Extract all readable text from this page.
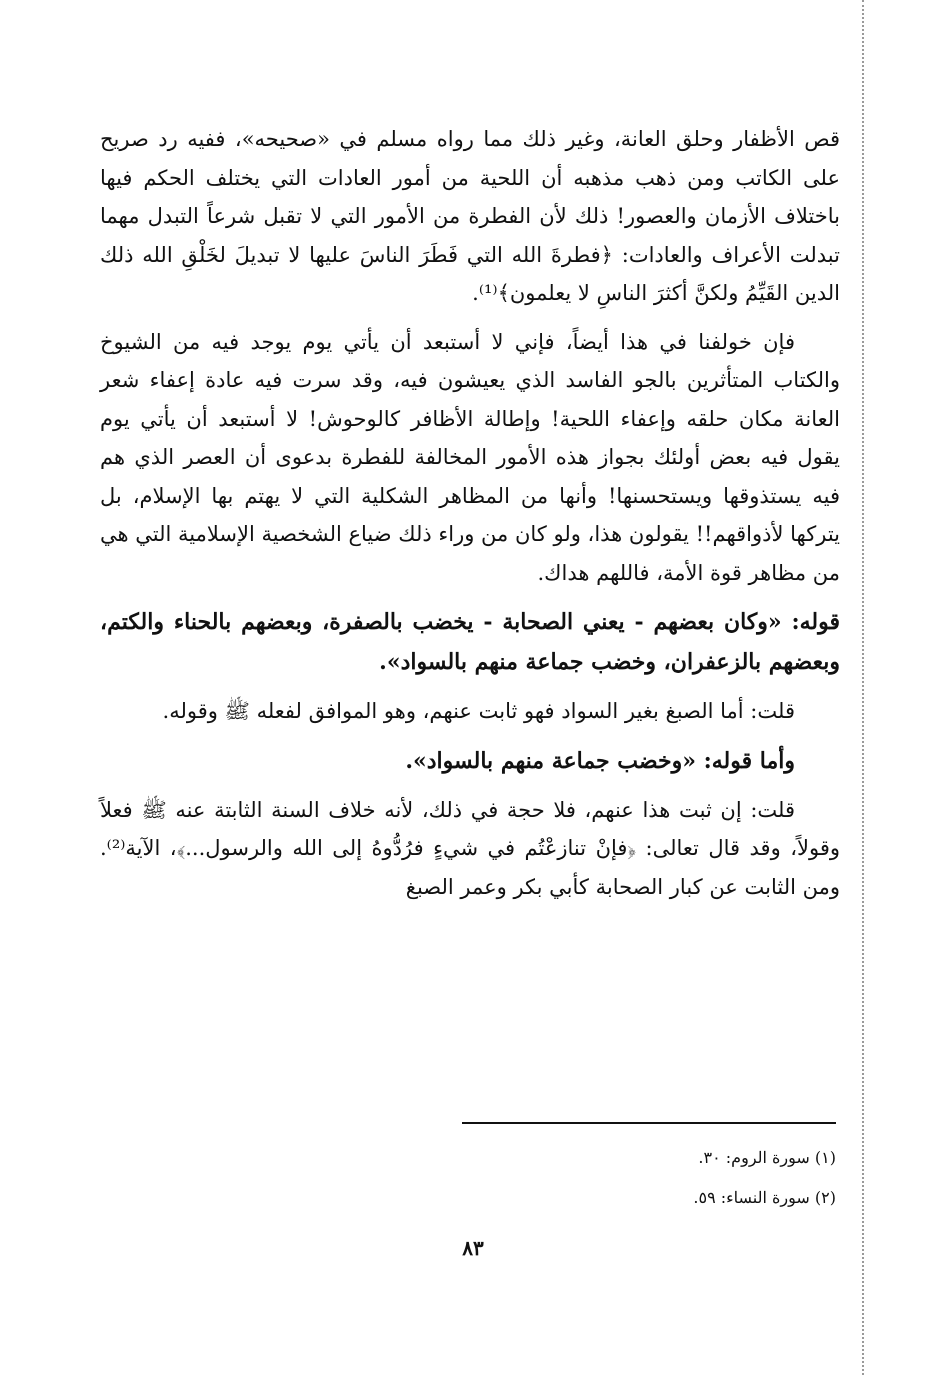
قص الأظفار وحلق العانة، وغير ذلك مما رواه مسلم في «صحيحه»، ففيه رد صريح على الكاتب ومن ذهب مذهبه أن اللحية من أمور العادات التي يختلف الحكم فيها باختلاف الأزمان والعصور! ذلك لأن الفطرة من الأمور التي لا تقبل شرعاً التبدل مهما تبدلت الأعراف والعادات: ﴿فطرةَ الله التي فَطَرَ الناسَ عليها لا تبديلَ لخَلْقِ الله ذلك الدين القَيِّمُ ولكنَّ أكثرَ الناسِ لا يعلمون﴾⁽¹⁾.

فإن خولفنا في هذا أيضاً، فإني لا أستبعد أن يأتي يوم يوجد فيه من الشيوخ والكتاب المتأثرين بالجو الفاسد الذي يعيشون فيه، وقد سرت فيه عادة إعفاء شعر العانة مكان حلقه وإعفاء اللحية! وإطالة الأظافر كالوحوش! لا أستبعد أن يأتي يوم يقول فيه بعض أولئك بجواز هذه الأمور المخالفة للفطرة بدعوى أن العصر الذي هم فيه يستذوقها ويستحسنها! وأنها من المظاهر الشكلية التي لا يهتم بها الإسلام، بل يتركها لأذواقهم!! يقولون هذا، ولو كان من وراء ذلك ضياع الشخصية الإسلامية التي هي من مظاهر قوة الأمة، فاللهم هداك.

قوله: «وكان بعضهم - يعني الصحابة - يخضب بالصفرة، وبعضهم بالحناء والكتم، وبعضهم بالزعفران، وخضب جماعة منهم بالسواد».

قلت: أما الصبغ بغير السواد فهو ثابت عنهم، وهو الموافق لفعله ﷺ وقوله.

وأما قوله: «وخضب جماعة منهم بالسواد».

قلت: إن ثبت هذا عنهم، فلا حجة في ذلك، لأنه خلاف السنة الثابتة عنه ﷺ فعلاً وقولاً، وقد قال تعالى: ﴿فإنْ تنازعْتُم في شيءٍ فرُدُّوهُ إلى الله والرسول...﴾، الآية⁽²⁾. ومن الثابت عن كبار الصحابة كأبي بكر وعمر الصبغ

(١) سورة الروم: ٣٠.

(٢) سورة النساء: ٥٩.

٨٣
